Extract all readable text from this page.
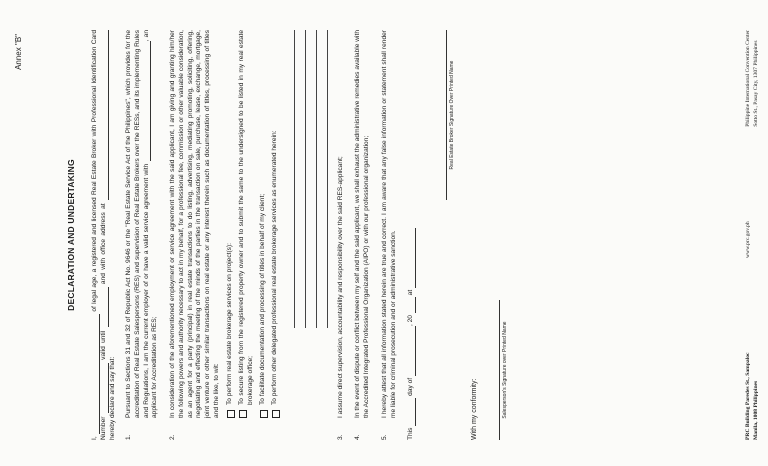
Annex "B"
DECLARATION AND UNDERTAKING
I,  of legal age, a registered and licensed Real Estate Broker with Professional Identification Card Number  valid until  and with office address at  hereby declare and say that: 1.
Pursuant to Sections 31 and 32 of Republic Act No. 9646 or the "Real Estate Service Act of the Philippines", which provides for the accreditation of Real Estate Salespersons (RES) and supervision of Real Estate Brokers over the RESs, and its implementing Rules and Regulations, I am the current employer of or have a valid service agreement with , an applicant for Accreditation as RES;
2.
In consideration of the aforementioned employment or service agreement with the said applicant, I am giving and granting him/her the following powers and authority necessary to act in my behalf, for a professional fee, commission or other valuable consideration, as an agent for a party (principal) in real estate transactions to do listing, advertising, mediating promoting, soliciting, offering, negotiating and effecting the meeting of the minds of the parties in the transaction on sale, purchase, lease, exchange, mortgage, joint venture or other similar transactions on real estate or any interest therein such as documentation of titles, processing of titles and the like, to wit: To perform real estate brokerage services on project(s): To secure listing from the registered property owner and to submit the same to the undersigned to be listed in my real estate brokerage office; To facilitate documentation and processing of titles in behalf of my client; To perform other delegated professional real estate brokerage services as enumerated herein:
3.
I assume direct supervision, accountability and responsibility over the said RES-applicant;
4.
In the event of dispute or conflict between my self and the said applicant, we shall exhaust the administrative remedies available with the Accredited Integrated Professional Organization (AIPO) or with our professional organization;
5.
I hereby attest that all information stated herein are true and correct. I am aware that any false information or statement shall render me liable for criminal prosecution and or administrative sanction.
This  day of , 20  at
Real Estate Broker Signature Over Printed Name
With my conformity:	Salesperson's Signature over Printed Name	PRC Building Paredes St., Sampaloc Manila, 1008 Philippines
www.prc.gov.ph
Philippine International Convention Center Sotto St., Pasay City, 1307 Philippines
